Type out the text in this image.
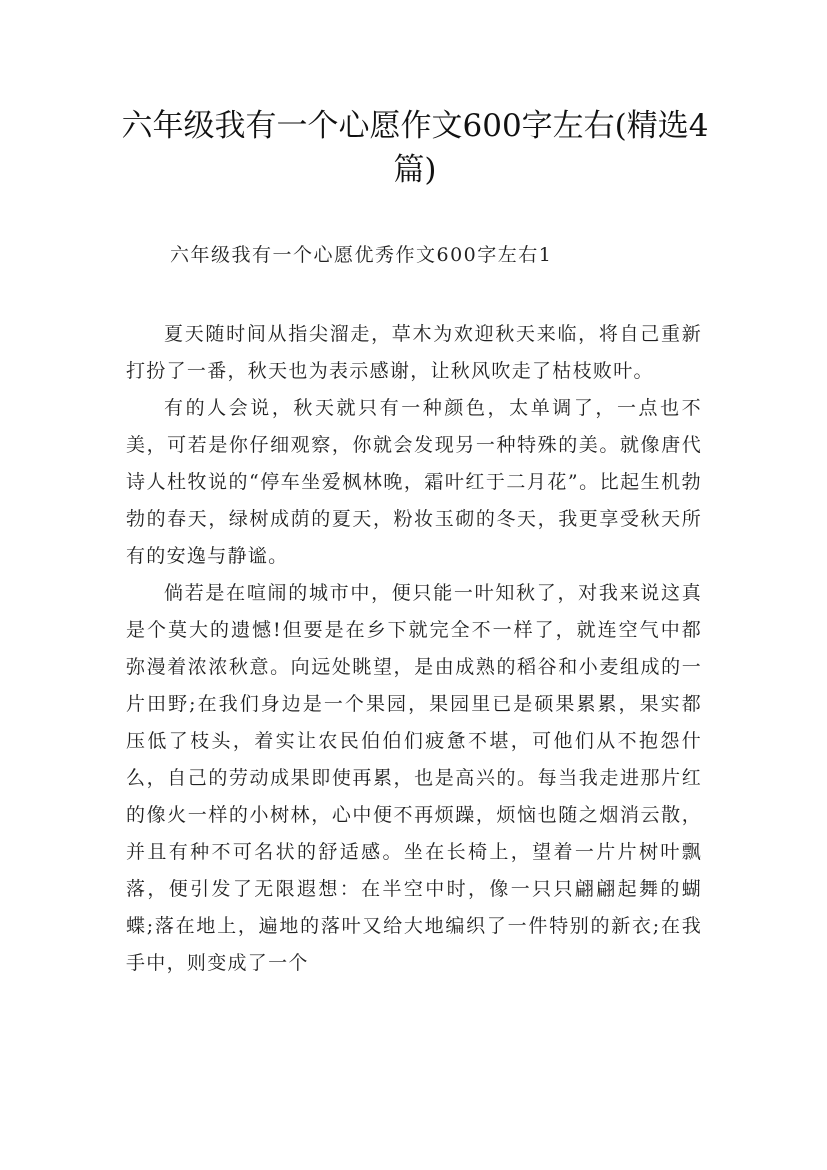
六年级我有一个心愿作文600字左右(精选4篇)

六年级我有一个心愿优秀作文600字左右1

夏天随时间从指尖溜走，草木为欢迎秋天来临，将自己重新打扮了一番，秋天也为表示感谢，让秋风吹走了枯枝败叶。

有的人会说，秋天就只有一种颜色，太单调了，一点也不美，可若是你仔细观察，你就会发现另一种特殊的美。就像唐代诗人杜牧说的“停车坐爱枫林晚，霜叶红于二月花”。比起生机勃勃的春天，绿树成荫的夏天，粉妆玉砌的冬天，我更享受秋天所有的安逸与静谧。

倘若是在喧闹的城市中，便只能一叶知秋了，对我来说这真是个莫大的遗憾!但要是在乡下就完全不一样了，就连空气中都弥漫着浓浓秋意。向远处眺望，是由成熟的稻谷和小麦组成的一片田野;在我们身边是一个果园，果园里已是硕果累累，果实都压低了枝头，着实让农民伯伯们疲惫不堪，可他们从不抱怨什么，自己的劳动成果即使再累，也是高兴的。每当我走进那片红的像火一样的小树林，心中便不再烦躁，烦恼也随之烟消云散，并且有种不可名状的舒适感。坐在长椅上，望着一片片树叶飘落，便引发了无限遐想：在半空中时，像一只只翩翩起舞的蝴蝶;落在地上，遍地的落叶又给大地编织了一件特别的新衣;在我手中，则变成了一个
